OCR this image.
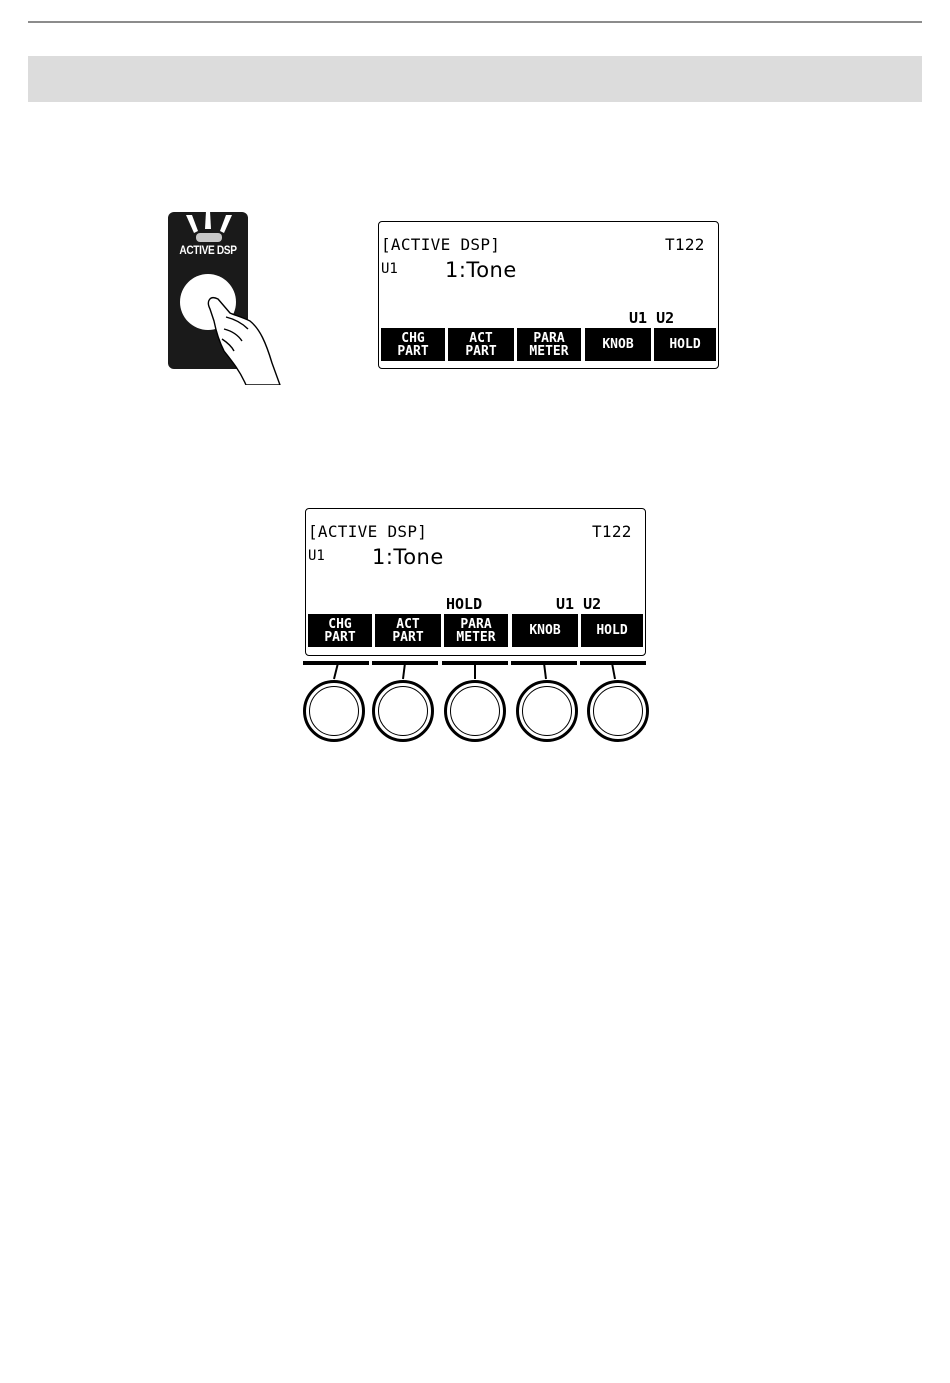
ACTIVE DSP	[ACTIVE DSP]	T122
U1 1:Tone
U1 U2
CHG
PART
ACT
PART
PARA
METER	KNOB	HOLD
[ACTIVE DSP]	T122
U1 1:Tone
HOLD	U1 U2
CHG
PART
ACT
PART
PARA
METER	KNOB	HOLD
